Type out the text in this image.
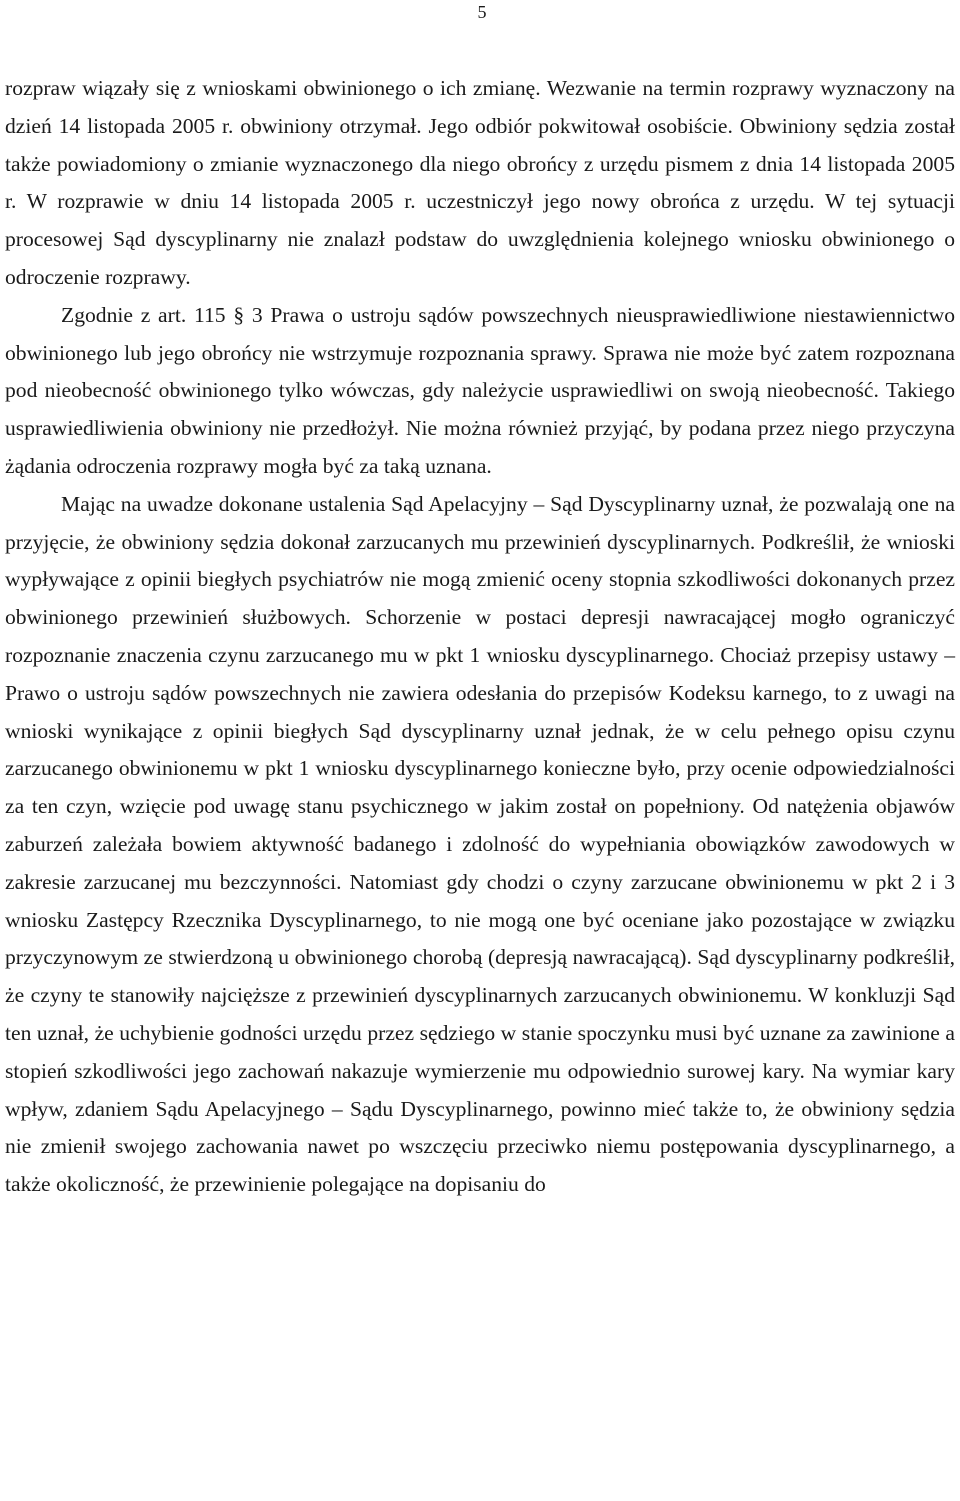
5

rozpraw wiązały się z wnioskami obwinionego o ich zmianę. Wezwanie na termin rozprawy wyznaczony na dzień 14 listopada 2005 r. obwiniony otrzymał. Jego odbiór pokwitował osobiście. Obwiniony sędzia został także powiadomiony o zmianie wyznaczonego dla niego obrońcy z urzędu pismem z dnia 14 listopada 2005 r. W rozprawie w dniu 14 listopada 2005 r. uczestniczył jego nowy obrońca z urzędu. W tej sytuacji procesowej Sąd dyscyplinarny nie znalazł podstaw do uwzględnienia kolejnego wniosku obwinionego o odroczenie rozprawy.

Zgodnie z art. 115 § 3 Prawa o ustroju sądów powszechnych nieusprawiedliwione niestawiennictwo obwinionego lub jego obrońcy nie wstrzymuje rozpoznania sprawy. Sprawa nie może być zatem rozpoznana pod nieobecność obwinionego tylko wówczas, gdy należycie usprawiedliwi on swoją nieobecność. Takiego usprawiedliwienia obwiniony nie przedłożył. Nie można również przyjąć, by podana przez niego przyczyna żądania odroczenia rozprawy mogła być za taką uznana.

Mając na uwadze dokonane ustalenia Sąd Apelacyjny – Sąd Dyscyplinarny uznał, że pozwalają one na przyjęcie, że obwiniony sędzia dokonał zarzucanych mu przewinień dyscyplinarnych. Podkreślił, że wnioski wypływające z opinii biegłych psychiatrów nie mogą zmienić oceny stopnia szkodliwości dokonanych przez obwinionego przewinień służbowych. Schorzenie w postaci depresji nawracającej mogło ograniczyć rozpoznanie znaczenia czynu zarzucanego mu w pkt 1 wniosku dyscyplinarnego. Chociaż przepisy ustawy – Prawo o ustroju sądów powszechnych nie zawiera odesłania do przepisów Kodeksu karnego, to z uwagi na wnioski wynikające z opinii biegłych Sąd dyscyplinarny uznał jednak, że w celu pełnego opisu czynu zarzucanego obwinionemu w pkt 1 wniosku dyscyplinarnego konieczne było, przy ocenie odpowiedzialności za ten czyn, wzięcie pod uwagę stanu psychicznego w jakim został on popełniony. Od natężenia objawów zaburzeń zależała bowiem aktywność badanego i zdolność do wypełniania obowiązków zawodowych w zakresie zarzucanej mu bezczynności. Natomiast gdy chodzi o czyny zarzucane obwinionemu w pkt 2 i 3 wniosku Zastępcy Rzecznika Dyscyplinarnego, to nie mogą one być oceniane jako pozostające w związku przyczynowym ze stwierdzoną u obwinionego chorobą (depresją nawracającą). Sąd dyscyplinarny podkreślił, że czyny te stanowiły najcięższe z przewinień dyscyplinarnych zarzucanych obwinionemu. W konkluzji Sąd ten uznał, że uchybienie godności urzędu przez sędziego w stanie spoczynku musi być uznane za zawinione a stopień szkodliwości jego zachowań nakazuje wymierzenie mu odpowiednio surowej kary. Na wymiar kary wpływ, zdaniem Sądu Apelacyjnego – Sądu Dyscyplinarnego, powinno mieć także to, że obwiniony sędzia nie zmienił swojego zachowania nawet po wszczęciu przeciwko niemu postępowania dyscyplinarnego, a także okoliczność, że przewinienie polegające na dopisaniu do
